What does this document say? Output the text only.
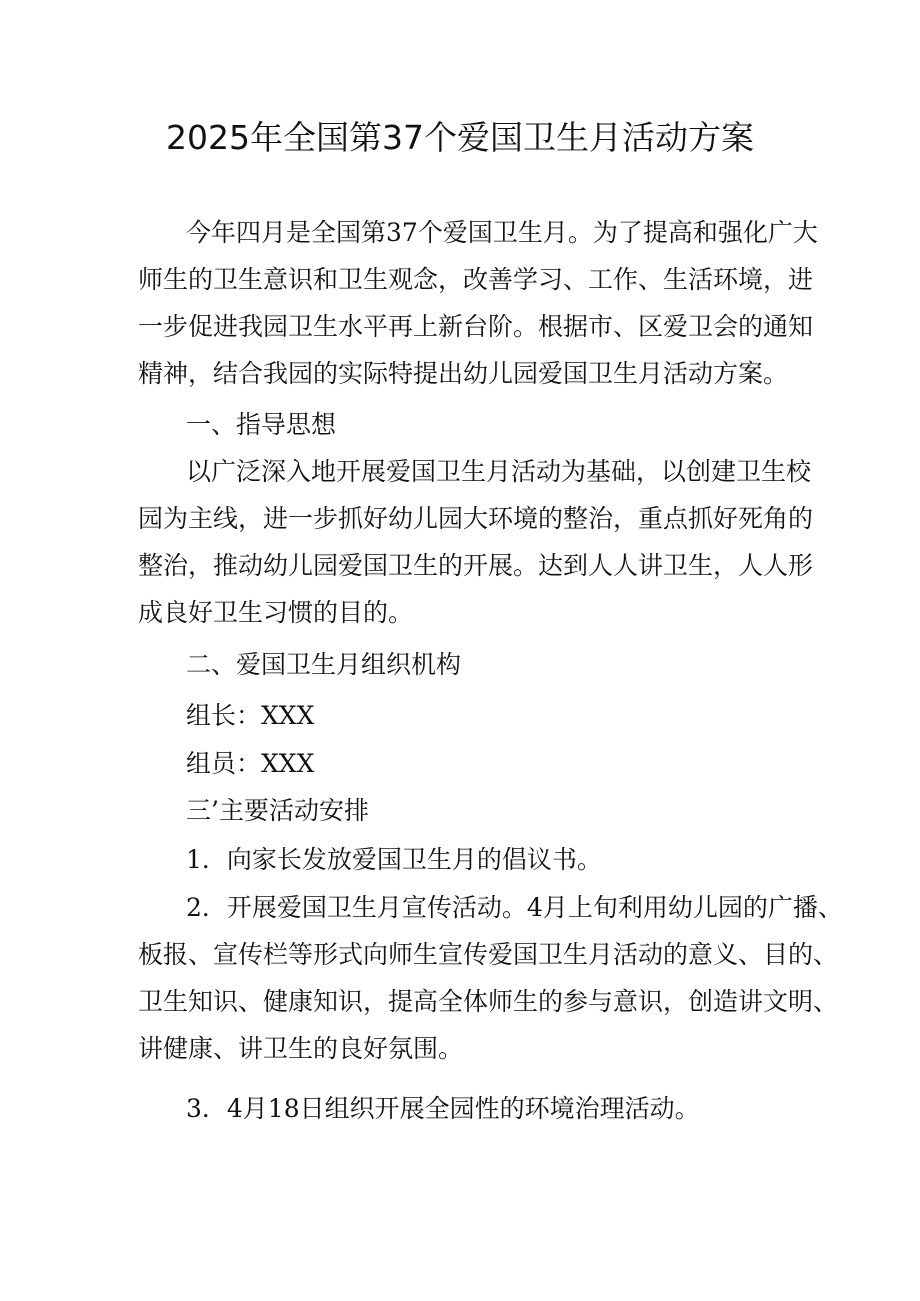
2025年全国第37个爱国卫生月活动方案

今年四月是全国第37个爱国卫生月。为了提高和强化广大

师生的卫生意识和卫生观念，改善学习、工作、生活环境，进

一步促进我园卫生水平再上新台阶。根据市、区爱卫会的通知

精神，结合我园的实际特提出幼儿园爱国卫生月活动方案。

一、指导思想

以广泛深入地开展爱国卫生月活动为基础，以创建卫生校

园为主线，进一步抓好幼儿园大环境的整治，重点抓好死角的

整治，推动幼儿园爱国卫生的开展。达到人人讲卫生，人人形

成良好卫生习惯的目的。

二、爱国卫生月组织机构

组长：XXX

组员：XXX

三’主要活动安排

1．向家长发放爱国卫生月的倡议书。

2．开展爱国卫生月宣传活动。4月上旬利用幼儿园的广播、

板报、宣传栏等形式向师生宣传爱国卫生月活动的意义、目的、

卫生知识、健康知识，提高全体师生的参与意识，创造讲文明、

讲健康、讲卫生的良好氛围。

3．4月18日组织开展全园性的环境治理活动。
